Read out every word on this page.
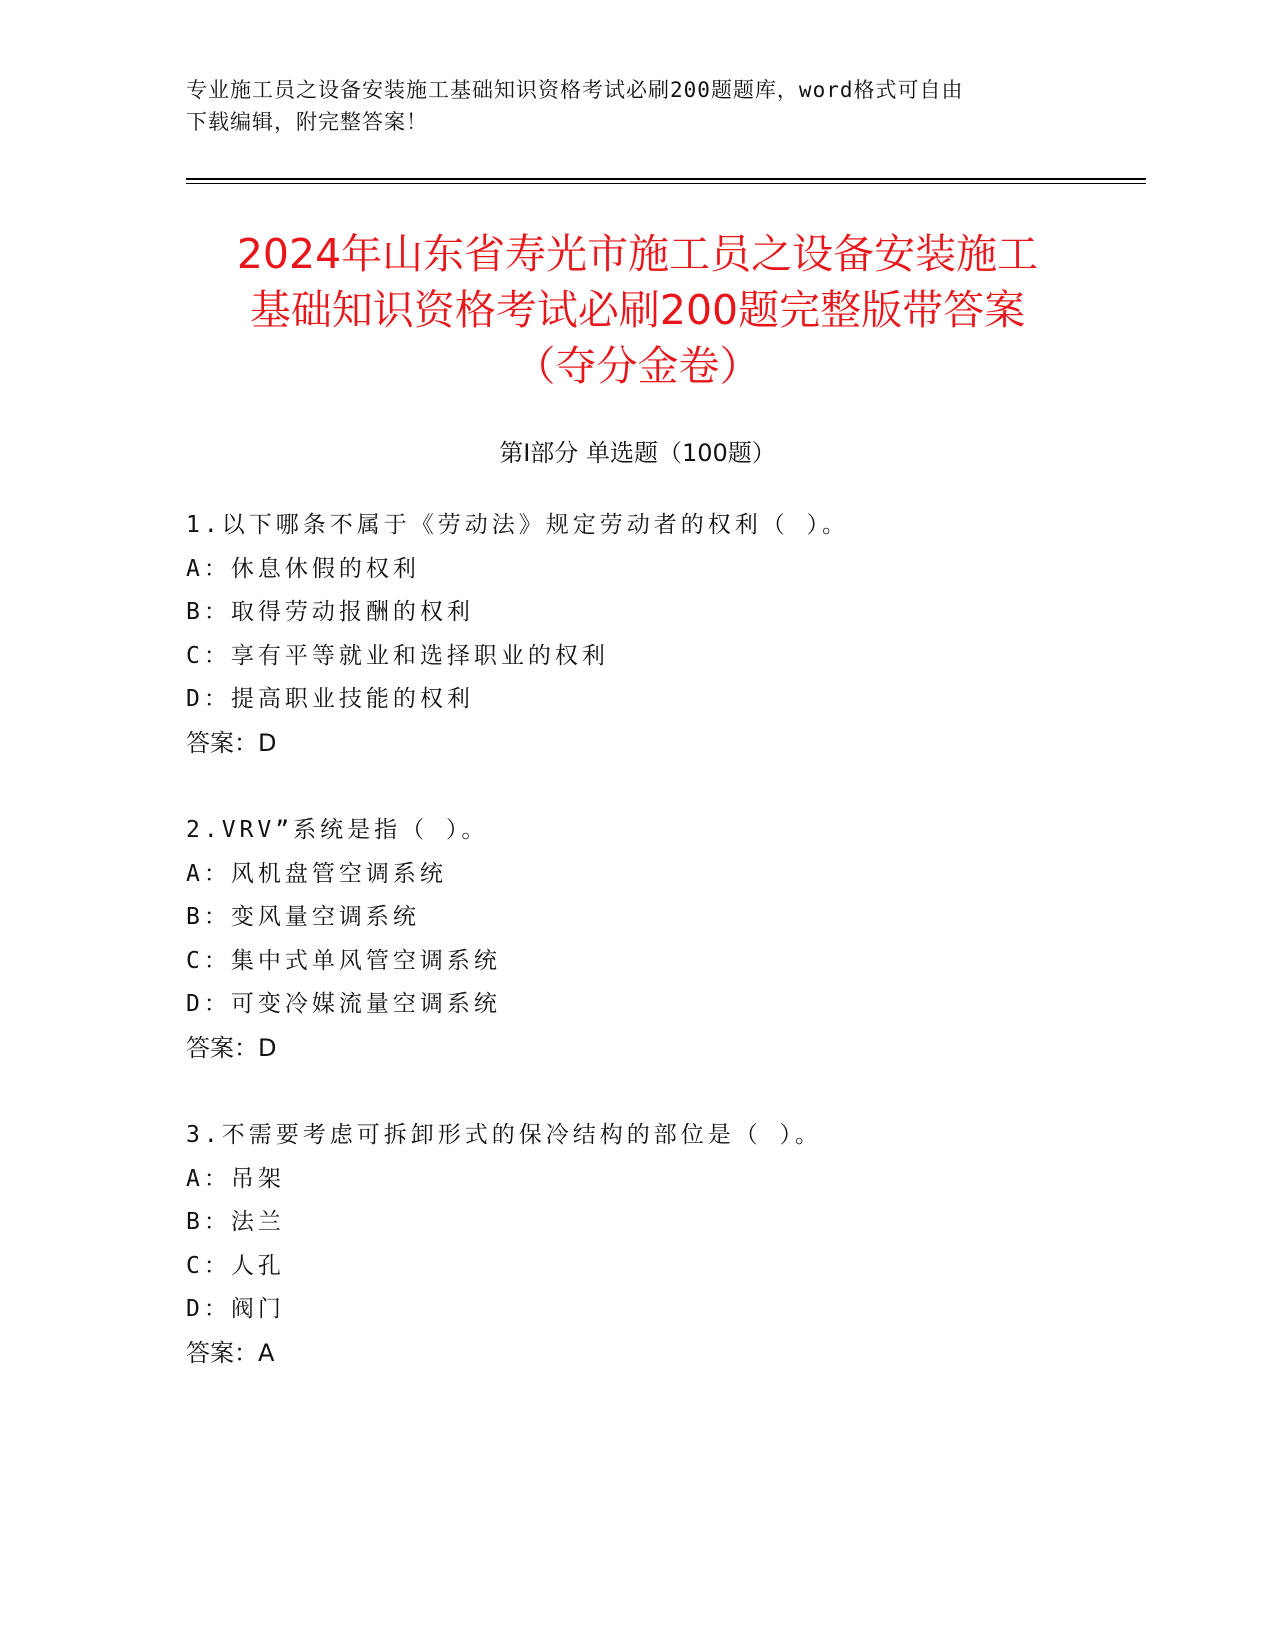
专业施工员之设备安装施工基础知识资格考试必刷200题题库，word格式可自由
下载编辑，附完整答案！
2024年山东省寿光市施工员之设备安装施工
基础知识资格考试必刷200题完整版带答案
（夺分金卷）
第I部分 单选题（100题）
1.以下哪条不属于《劳动法》规定劳动者的权利（ ）。
A：休息休假的权利
B：取得劳动报酬的权利
C：享有平等就业和选择职业的权利
D：提高职业技能的权利
答案：D
2.VRV”系统是指（ ）。
A：风机盘管空调系统
B：变风量空调系统
C：集中式单风管空调系统
D：可变冷媒流量空调系统
答案：D
3.不需要考虑可拆卸形式的保冷结构的部位是（ ）。
A：吊架
B：法兰
C：人孔
D：阀门
答案：A
